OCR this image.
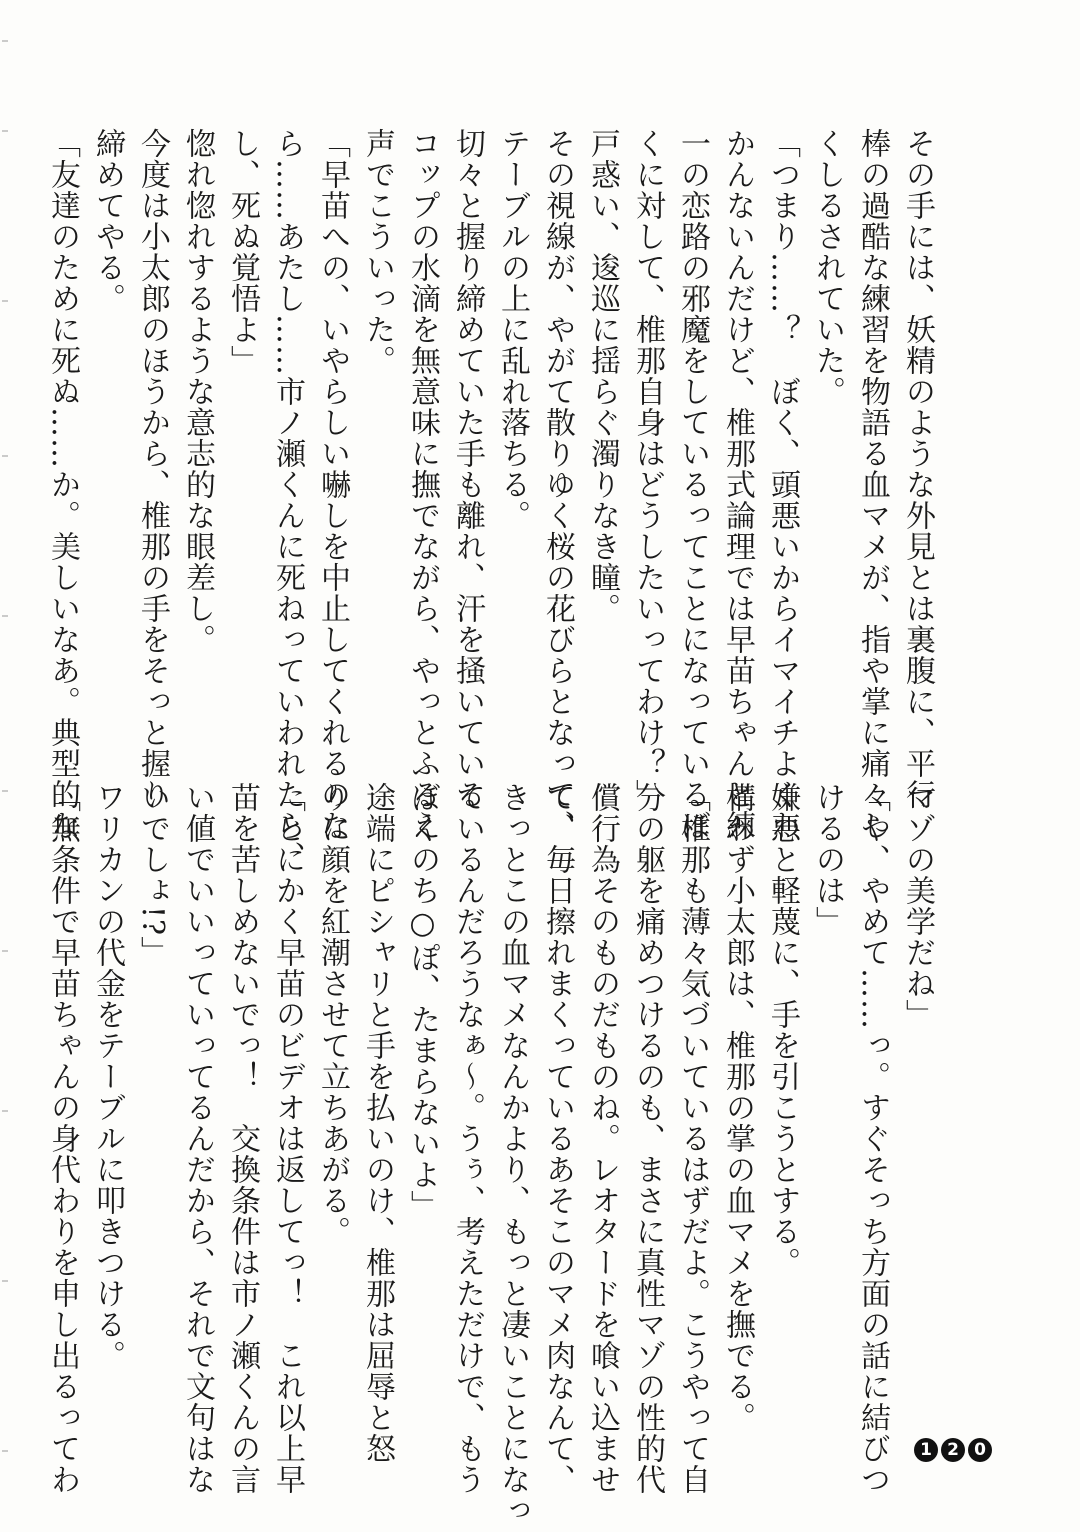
その手には、妖精のような外見とは裏腹に、平行
棒の過酷な練習を物語る血マメが、指や掌に痛々し
くしるされていた。
「つまり……？　ぼく、頭悪いからイマイチよくわ
かんないんだけど、椎那式論理では早苗ちゃんと練
一の恋路の邪魔をしているってことになっているぼ
くに対して、椎那自身はどうしたいってわけ？」
戸惑い、逡巡に揺らぐ濁りなき瞳。
その視線が、やがて散りゆく桜の花びらとなって、
テーブルの上に乱れ落ちる。
切々と握り締めていた手も離れ、汗を掻いている
コップの水滴を無意味に撫でながら、やっとふるえ
声でこういった。
「早苗への、いやらしい嚇しを中止してくれるのな
ら……あたし……市ノ瀬くんに死ねっていわれたら、
し、死ぬ覚悟よ」
惚れ惚れするような意志的な眼差し。
今度は小太郎のほうから、椎那の手をそっと握り
締めてやる。
「友達のために死ぬ……か。美しいなあ。典型的な
マゾの美学だね」
「や、やめて……っ。すぐそっち方面の話に結びつ
けるのは」
嫌悪と軽蔑に、手を引こうとする。
構わず小太郎は、椎那の掌の血マメを撫でる。
「椎那も薄々気づいているはずだよ。こうやって自
分の躯を痛めつけるのも、まさに真性マゾの性的代
償行為そのものだものね。レオタードを喰い込ませ
て、毎日擦れまくっているあそこのマメ肉なんて、
きっとこの血マメなんかより、もっと凄いことになっ
ているんだろうなぁ〜。うぅ、考えただけで、もう
ぼくのち○ぽ、たまらないよ」
途端にピシャリと手を払いのけ、椎那は屈辱と怒
りに顔を紅潮させて立ちあがる。
「とにかく早苗のビデオは返してっ！　これ以上早
苗を苦しめないでっ！　交換条件は市ノ瀬くんの言
い値でいいっていってるんだから、それで文句はな
いでしょ!?」
ワリカンの代金をテーブルに叩きつける。
「無条件で早苗ちゃんの身代わりを申し出るってわ	1 2 0
